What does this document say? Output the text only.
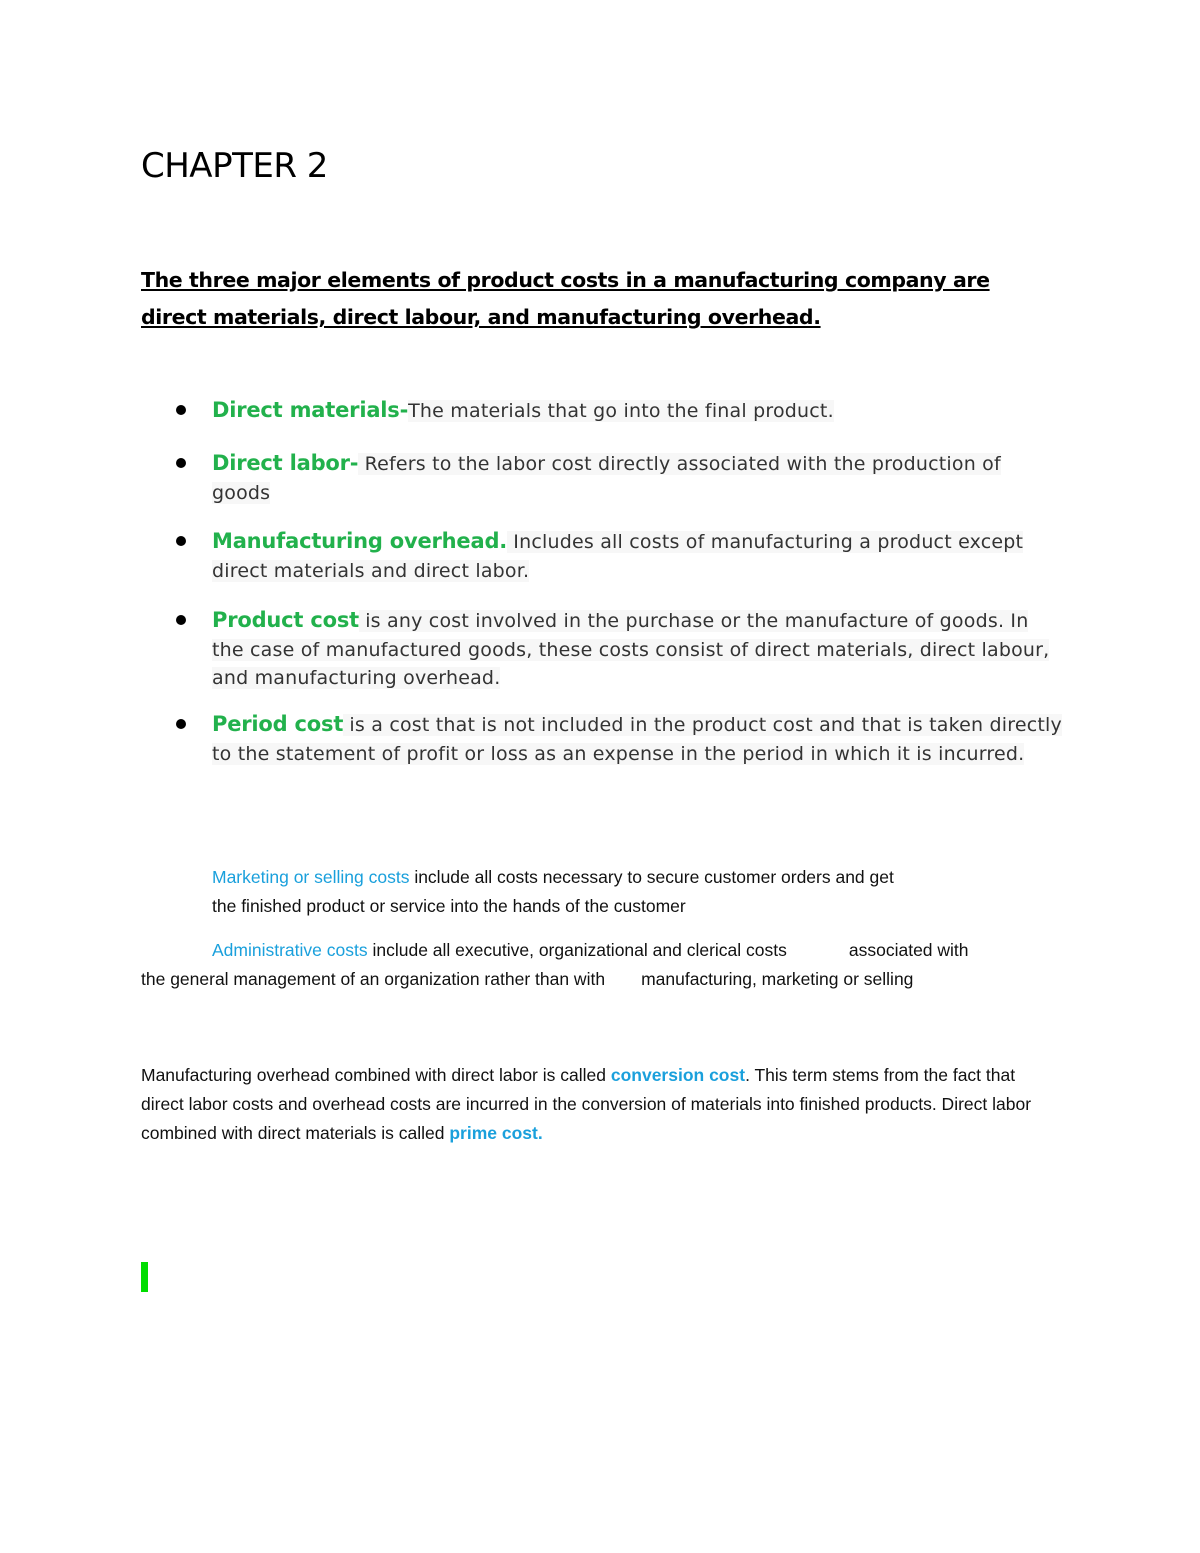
CHAPTER 2

The three major elements of product costs in a manufacturing company are direct materials, direct labour, and manufacturing overhead.

Direct materials-The materials that go into the final product.
Direct labor- Refers to the labor cost directly associated with the production of goods
Manufacturing overhead. Includes all costs of manufacturing a product except direct materials and direct labor.
Product cost is any cost involved in the purchase or the manufacture of goods. In the case of manufactured goods, these costs consist of direct materials, direct labour, and manufacturing overhead.
Period cost is a cost that is not included in the product cost and that is taken directly to the statement of profit or loss as an expense in the period in which it is incurred.
Marketing or selling costs include all costs necessary to secure customer orders and get
the finished product or service into the hands of the customer
Administrative costs include all executive, organizational and clerical costs	associated with
the general management of an organization rather than with manufacturing, marketing or selling
Manufacturing overhead combined with direct labor is called conversion cost. This term stems from the fact that direct labor costs and overhead costs are incurred in the conversion of materials into finished products. Direct labor combined with direct materials is called prime cost.
